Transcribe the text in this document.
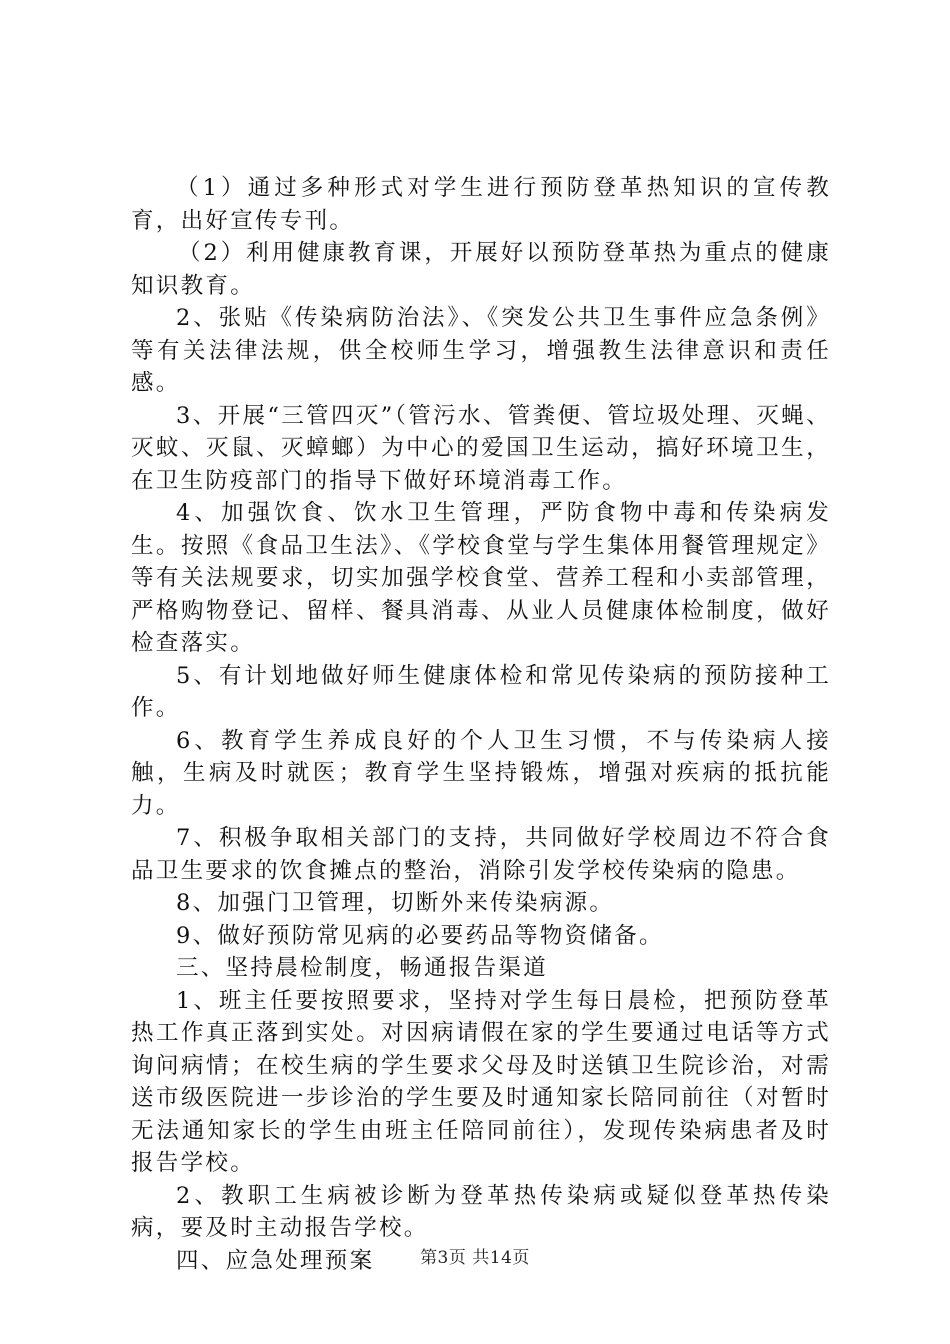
（1）通过多种形式对学生进行预防登革热知识的宣传教育，出好宣传专刊。

（2）利用健康教育课，开展好以预防登革热为重点的健康知识教育。

2、张贴《传染病防治法》、《突发公共卫生事件应急条例》等有关法律法规，供全校师生学习，增强教生法律意识和责任感。

3、开展“三管四灭”（管污水、管粪便、管垃圾处理、灭蝇、灭蚊、灭鼠、灭蟑螂）为中心的爱国卫生运动，搞好环境卫生，在卫生防疫部门的指导下做好环境消毒工作。

4、加强饮食、饮水卫生管理，严防食物中毒和传染病发生。按照《食品卫生法》、《学校食堂与学生集体用餐管理规定》等有关法规要求，切实加强学校食堂、营养工程和小卖部管理，严格购物登记、留样、餐具消毒、从业人员健康体检制度，做好检查落实。

5、有计划地做好师生健康体检和常见传染病的预防接种工作。

6、教育学生养成良好的个人卫生习惯，不与传染病人接触，生病及时就医；教育学生坚持锻炼，增强对疾病的抵抗能力。

7、积极争取相关部门的支持，共同做好学校周边不符合食品卫生要求的饮食摊点的整治，消除引发学校传染病的隐患。

8、加强门卫管理，切断外来传染病源。

9、做好预防常见病的必要药品等物资储备。

三、坚持晨检制度，畅通报告渠道

1、班主任要按照要求，坚持对学生每日晨检，把预防登革热工作真正落到实处。对因病请假在家的学生要通过电话等方式询问病情；在校生病的学生要求父母及时送镇卫生院诊治，对需送市级医院进一步诊治的学生要及时通知家长陪同前往（对暂时无法通知家长的学生由班主任陪同前往），发现传染病患者及时报告学校。

2、教职工生病被诊断为登革热传染病或疑似登革热传染病，要及时主动报告学校。

四、应急处理预案	第3页 共14页
